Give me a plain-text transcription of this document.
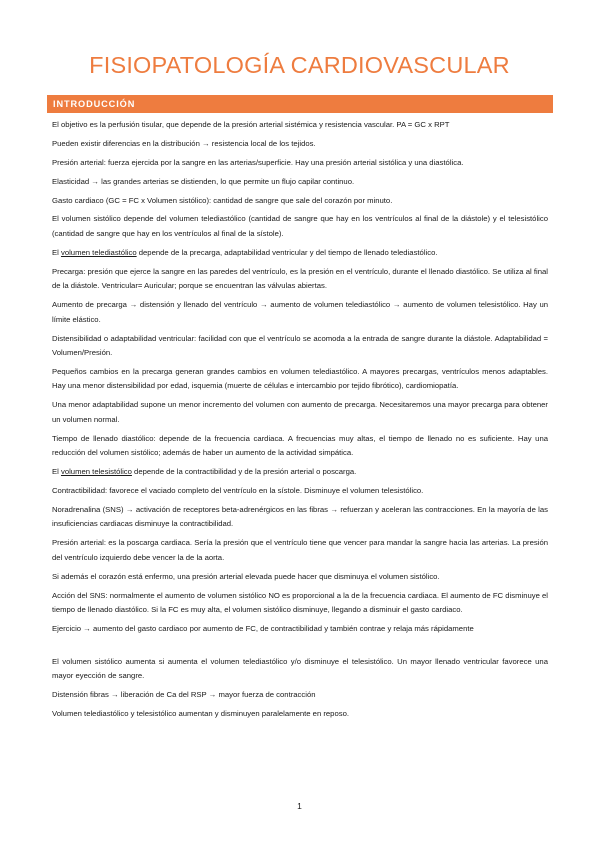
FISIOPATOLOGÍA CARDIOVASCULAR
INTRODUCCIÓN

El objetivo es la perfusión tisular, que depende de la presión arterial sistémica y resistencia vascular. PA = GC x RPT

Pueden existir diferencias en la distribución → resistencia local de los tejidos.

Presión arterial: fuerza ejercida por la sangre en las arterias/superficie. Hay una presión arterial sistólica y una diastólica.

Elasticidad → las grandes arterias se distienden, lo que permite un flujo capilar continuo.

Gasto cardiaco (GC = FC x Volumen sistólico): cantidad de sangre que sale del corazón por minuto.

El volumen sistólico depende del volumen telediastólico (cantidad de sangre que hay en los ventrículos al final de la diástole) y el telesistólico (cantidad de sangre que hay en los ventrículos al final de la sístole).

El volumen telediastólico depende de la precarga, adaptabilidad ventricular y del tiempo de llenado telediastólico.

Precarga: presión que ejerce la sangre en las paredes del ventrículo, es la presión en el ventrículo, durante el llenado diastólico. Se utiliza al final de la diástole. Ventricular= Auricular; porque se encuentran las válvulas abiertas.

Aumento de precarga → distensión y llenado del ventrículo → aumento de volumen telediastólico → aumento de volumen telesistólico. Hay un límite elástico.

Distensibilidad o adaptabilidad ventricular: facilidad con que el ventrículo se acomoda a la entrada de sangre durante la diástole. Adaptabilidad = Volumen/Presión.

Pequeños cambios en la precarga generan grandes cambios en volumen telediastólico. A mayores precargas, ventrículos menos adaptables. Hay una menor distensibilidad por edad, isquemia (muerte de células e intercambio por tejido fibrótico), cardiomiopatía.

Una menor adaptabilidad supone un menor incremento del volumen con aumento de precarga. Necesitaremos una mayor precarga para obtener un volumen normal.

Tiempo de llenado diastólico: depende de la frecuencia cardiaca. A frecuencias muy altas, el tiempo de llenado no es suficiente. Hay una reducción del volumen sistólico; además de haber un aumento de la actividad simpática.

El volumen telesistólico depende de la contractibilidad y de la presión arterial o poscarga.

Contractibilidad: favorece el vaciado completo del ventrículo en la sístole. Disminuye el volumen telesistólico.

Noradrenalina (SNS) → activación de receptores beta-adrenérgicos en las fibras → refuerzan y aceleran las contracciones. En la mayoría de las insuficiencias cardiacas disminuye la contractibilidad.

Presión arterial: es la poscarga cardiaca. Sería la presión que el ventrículo tiene que vencer para mandar la sangre hacia las arterias. La presión del ventrículo izquierdo debe vencer la de la aorta.

Si además el corazón está enfermo, una presión arterial elevada puede hacer que disminuya el volumen sistólico.

Acción del SNS: normalmente el aumento de volumen sistólico NO es proporcional a la de la frecuencia cardiaca. El aumento de FC disminuye el tiempo de llenado diastólico. Si la FC es muy alta, el volumen sistólico disminuye, llegando a disminuir el gasto cardiaco.

Ejercicio → aumento del gasto cardiaco por aumento de FC, de contractibilidad y también contrae y relaja más rápidamente

El volumen sistólico aumenta si aumenta el volumen telediastólico y/o disminuye el telesistólico. Un mayor llenado ventricular favorece una mayor eyección de sangre.

Distensión fibras → liberación de Ca del RSP → mayor fuerza de contracción

Volumen telediastólico y telesistólico aumentan y disminuyen paralelamente en reposo.

1
